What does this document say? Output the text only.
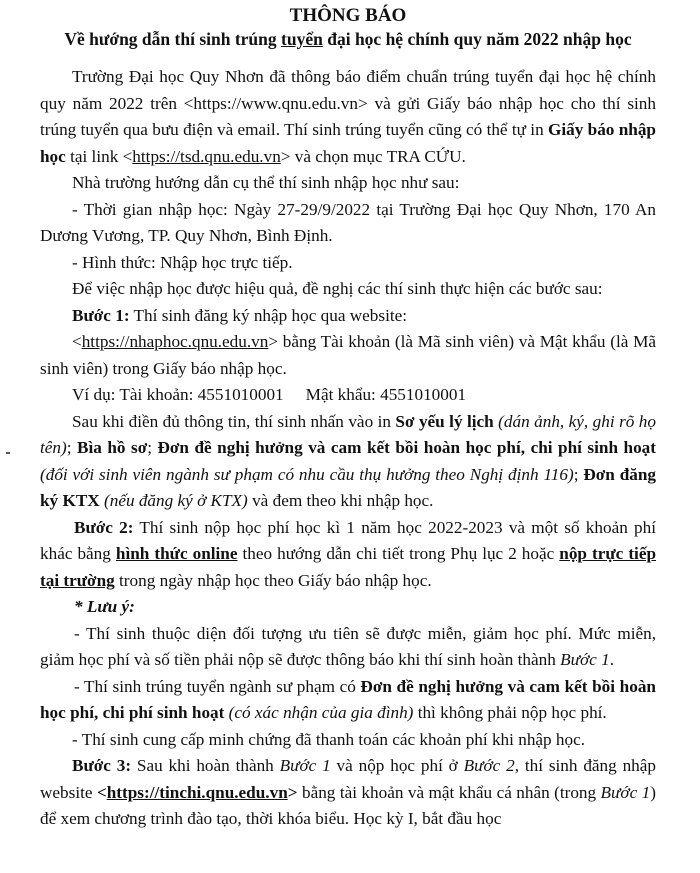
THÔNG BÁO

Về hướng dẫn thí sinh trúng tuyển đại học hệ chính quy năm 2022 nhập học

Trường Đại học Quy Nhơn đã thông báo điểm chuẩn trúng tuyển đại học hệ chính quy năm 2022 trên <https://www.qnu.edu.vn> và gửi Giấy báo nhập học cho thí sinh trúng tuyển qua bưu điện và email. Thí sinh trúng tuyển cũng có thể tự in Giấy báo nhập học tại link <https://tsd.qnu.edu.vn> và chọn mục TRA CỨU.

Nhà trường hướng dẫn cụ thể thí sinh nhập học như sau:

- Thời gian nhập học: Ngày 27-29/9/2022 tại Trường Đại học Quy Nhơn, 170 An Dương Vương, TP. Quy Nhơn, Bình Định.

- Hình thức: Nhập học trực tiếp.

Để việc nhập học được hiệu quả, đề nghị các thí sinh thực hiện các bước sau:

Bước 1: Thí sinh đăng ký nhập học qua website:

<https://nhaphoc.qnu.edu.vn> bằng Tài khoản (là Mã sinh viên) và Mật khẩu (là Mã sinh viên) trong Giấy báo nhập học.

Ví dụ: Tài khoản: 4551010001 Mật khẩu: 4551010001

Sau khi điền đủ thông tin, thí sinh nhấn vào in Sơ yếu lý lịch (dán ảnh, ký, ghi rõ họ tên); Bìa hồ sơ; Đơn đề nghị hưởng và cam kết bồi hoàn học phí, chi phí sinh hoạt (đối với sinh viên ngành sư phạm có nhu cầu thụ hưởng theo Nghị định 116); Đơn đăng ký KTX (nếu đăng ký ở KTX) và đem theo khi nhập học.

Bước 2: Thí sinh nộp học phí học kì 1 năm học 2022-2023 và một số khoản phí khác bằng hình thức online theo hướng dẫn chi tiết trong Phụ lục 2 hoặc nộp trực tiếp tại trường trong ngày nhập học theo Giấy báo nhập học.

* Lưu ý:

- Thí sinh thuộc diện đối tượng ưu tiên sẽ được miễn, giảm học phí. Mức miễn, giảm học phí và số tiền phải nộp sẽ được thông báo khi thí sinh hoàn thành Bước 1.

- Thí sinh trúng tuyển ngành sư phạm có Đơn đề nghị hưởng và cam kết bồi hoàn học phí, chi phí sinh hoạt (có xác nhận của gia đình) thì không phải nộp học phí.

- Thí sinh cung cấp minh chứng đã thanh toán các khoản phí khi nhập học.

Bước 3: Sau khi hoàn thành Bước 1 và nộp học phí ở Bước 2, thí sinh đăng nhập website <https://tinchi.qnu.edu.vn> bằng tài khoản và mật khẩu cá nhân (trong Bước 1) để xem chương trình đào tạo, thời khóa biểu. Học kỳ I, bắt đầu học
